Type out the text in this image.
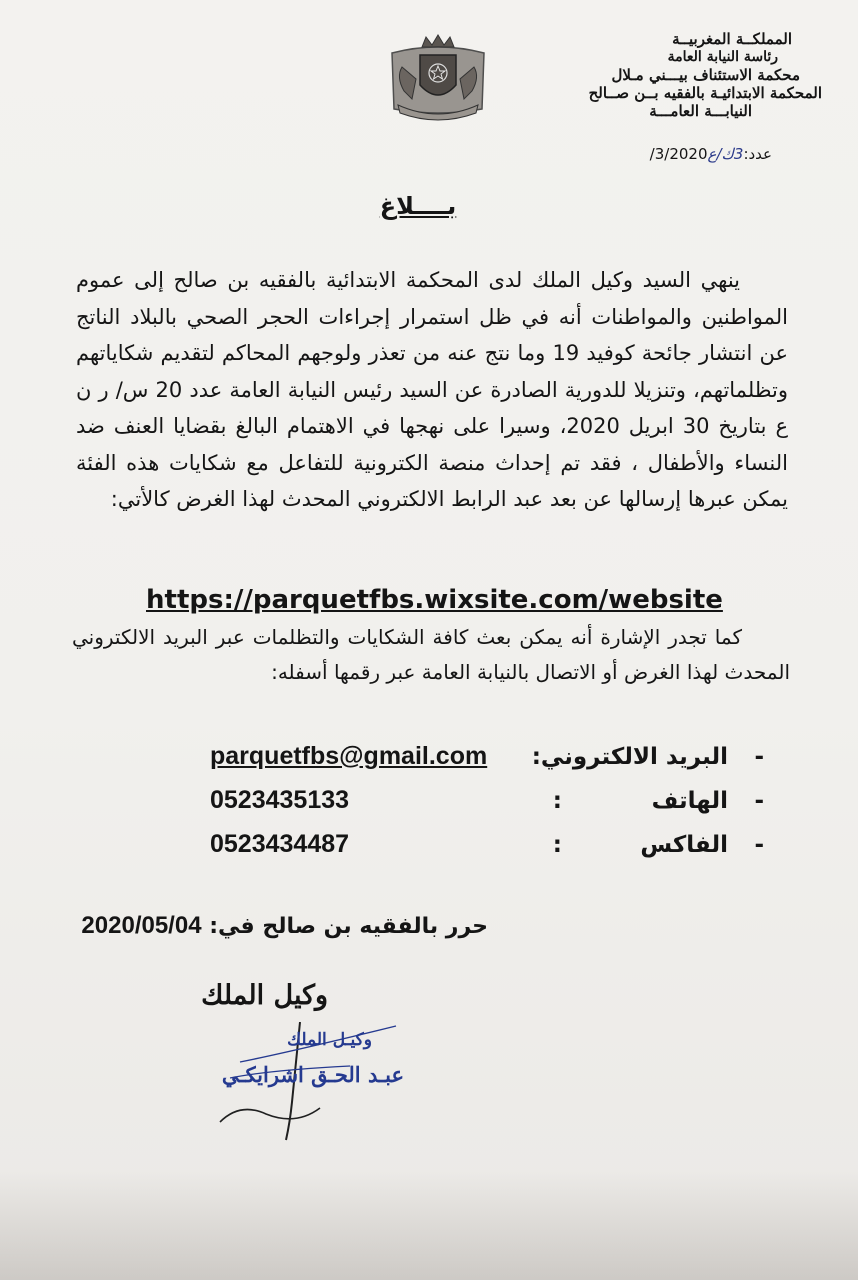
المملكــة المغربيــة
رئاسة النيابة العامة
محكمة الاستئناف بيـــني مـلال
المحكمة الابتدائيـة بالفقيه بــن صــالح
النيابـــة العامـــة
عدد:3ك/ع3/2020/
بــــلاغ

ينهي السيد وكيل الملك لدى المحكمة الابتدائية بالفقيه بن صالح إلى عموم المواطنين والمواطنات أنه في ظل استمرار إجراءات الحجر الصحي بالبلاد الناتج عن انتشار جائحة كوفيد 19 وما نتج عنه من تعذر ولوجهم المحاكم لتقديم شكاياتهم وتظلماتهم، وتنزيلا للدورية الصادرة عن السيد رئيس النيابة العامة عدد 20 س/ ر ن ع بتاريخ 30 ابريل 2020، وسيرا على نهجها في الاهتمام البالغ بقضايا العنف ضد النساء والأطفال ، فقد تم إحداث منصة الكترونية للتفاعل مع شكايات هذه الفئة يمكن عبرها إرسالها عن بعد عبد الرابط الالكتروني المحدث لهذا الغرض كالأتي:

https://parquetfbs.wixsite.com/website

كما تجدر الإشارة أنه يمكن بعث كافة الشكايات والتظلمات عبر البريد الالكتروني المحدث لهذا الغرض أو الاتصال بالنيابة العامة عبر رقمها أسفله:

-
البريد الالكتروني:
parquetfbs@gmail.com
-
الهاتف
:
0523435133
-
الفاكس
:
0523434487
حرر بالفقيه بن صالح في: 2020/05/04
وكيل الملك
وكيـل الملك
عبـد الحـق اشرايكـي
